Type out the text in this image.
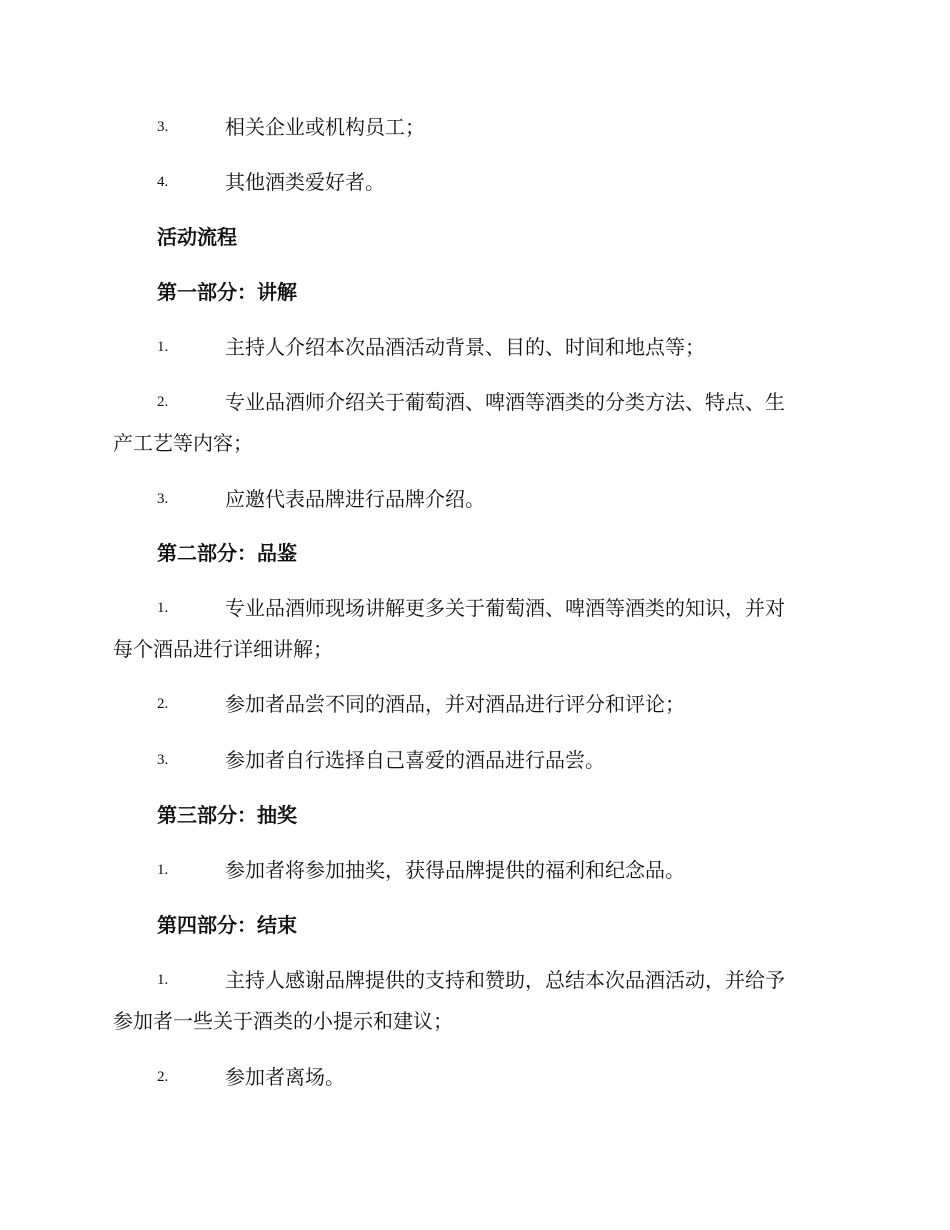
3.	相关企业或机构员工；
4.	其他酒类爱好者。
活动流程
第一部分：讲解
1.	主持人介绍本次品酒活动背景、目的、时间和地点等；
2.	专业品酒师介绍关于葡萄酒、啤酒等酒类的分类方法、特点、生
产工艺等内容；
3.	应邀代表品牌进行品牌介绍。
第二部分：品鉴
1.	专业品酒师现场讲解更多关于葡萄酒、啤酒等酒类的知识，并对
每个酒品进行详细讲解；
2.	参加者品尝不同的酒品，并对酒品进行评分和评论；
3.	参加者自行选择自己喜爱的酒品进行品尝。
第三部分：抽奖
1.	参加者将参加抽奖，获得品牌提供的福利和纪念品。
第四部分：结束
1.	主持人感谢品牌提供的支持和赞助，总结本次品酒活动，并给予
参加者一些关于酒类的小提示和建议；
2.	参加者离场。
